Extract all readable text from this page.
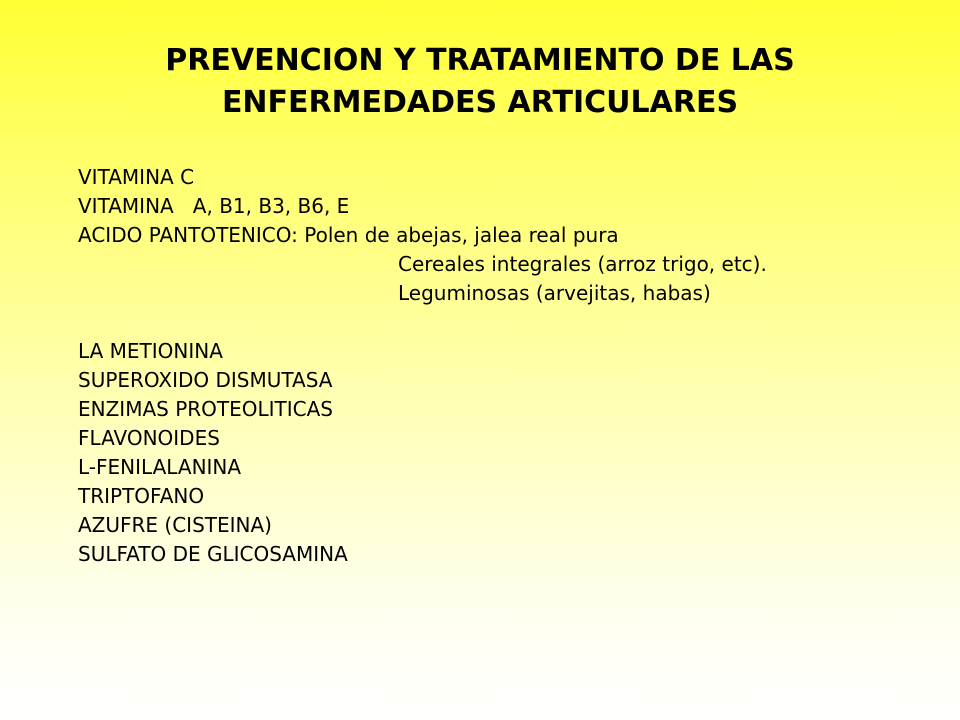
PREVENCION Y TRATAMIENTO DE LAS
ENFERMEDADES ARTICULARES
VITAMINA C
VITAMINA   A, B1, B3, B6, E
ACIDO PANTOTENICO: Polen de abejas, jalea real pura
Cereales integrales (arroz trigo, etc).
Leguminosas (arvejitas, habas)
LA METIONINA
SUPEROXIDO DISMUTASA
ENZIMAS PROTEOLITICAS
FLAVONOIDES
L-FENILALANINA
TRIPTOFANO
AZUFRE (CISTEINA)
SULFATO DE GLICOSAMINA
